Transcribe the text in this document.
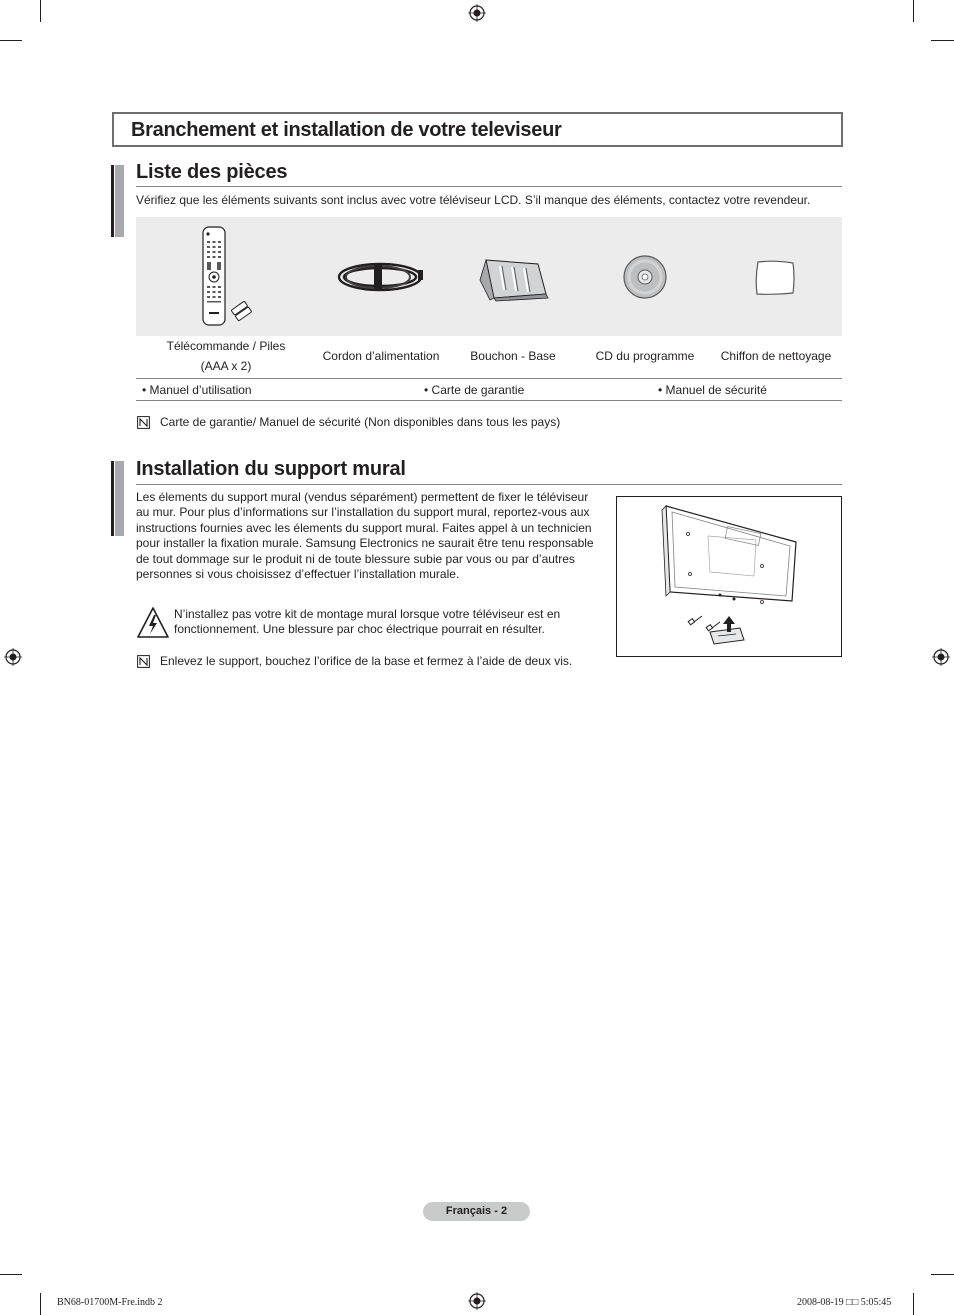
Branchement et installation de votre televiseur
Liste des pièces
Vérifiez que les éléments suivants sont inclus avec votre téléviseur LCD. S’il manque des éléments, contactez votre revendeur.
Télécommande / Piles
(AAA x 2)
Cordon d’alimentation	Bouchon - Base	CD du programme	Chiffon de nettoyage
• Manuel d’utilisation	• Carte de garantie	• Manuel de sécurité
Carte de garantie/ Manuel de sécurité (Non disponibles dans tous les pays)
Installation du support mural
Les élements du support mural (vendus séparément) permettent de fixer le téléviseur au mur. Pour plus d’informations sur l’installation du support mural, reportez-vous aux instructions fournies avec les élements du support mural. Faites appel à un technicien pour installer la fixation murale. Samsung Electronics ne saurait être tenu responsable de tout dommage sur le produit ni de toute blessure subie par vous ou par d’autres personnes si vous choisissez d’effectuer l’installation murale.
N’installez pas votre kit de montage mural lorsque votre téléviseur est en fonctionnement. Une blessure par choc électrique pourrait en résulter.
Enlevez le support, bouchez l’orifice de la base et fermez à l’aide de deux vis.
Français - 2
BN68-01700M-Fre.indb 2	2008-08-19 □□ 5:05:45
